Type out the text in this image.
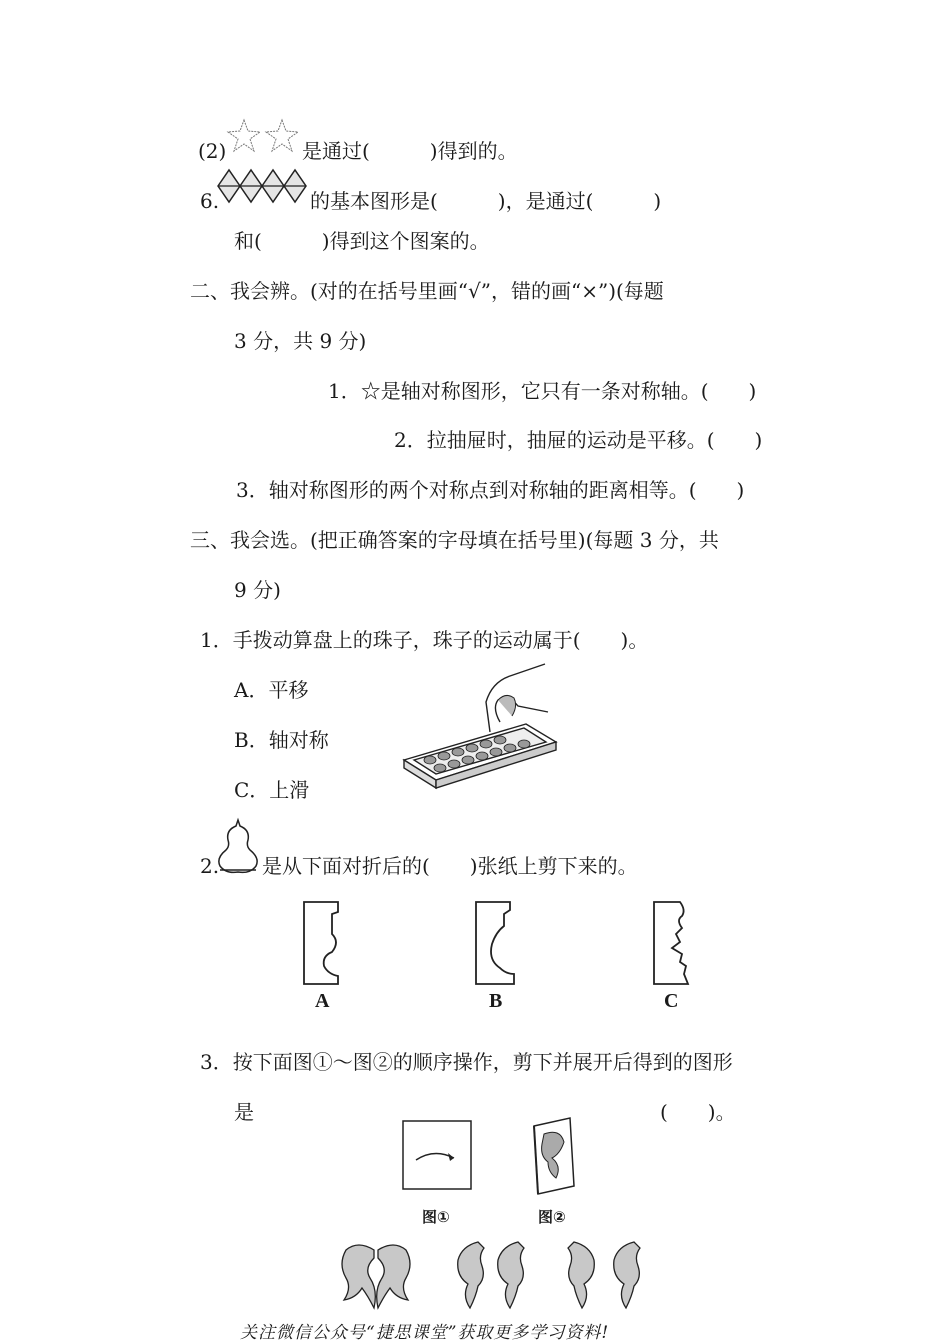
(2)	是通过(　　　)得到的。
6.	的基本图形是(　　　)，是通过(　　　)
和(　　　)得到这个图案的。
二、我会辨。(对的在括号里画“√”，错的画“×”)(每题
3 分，共 9 分)
1．☆是轴对称图形，它只有一条对称轴。(　　)
2．拉抽屉时，抽屉的运动是平移。(　　)
3．轴对称图形的两个对称点到对称轴的距离相等。(　　)
三、我会选。(把正确答案的字母填在括号里)(每题 3 分，共
9 分)
1．手拨动算盘上的珠子，珠子的运动属于(　　)。
A．平移
B．轴对称
C．上滑
2. 是从下面对折后的(　　)张纸上剪下来的。
A	B	C
3．按下面图①～图②的顺序操作，剪下并展开后得到的图形
是	(　　)。
图①	图②
关注微信公众号“捷思课堂”获取更多学习资料!
